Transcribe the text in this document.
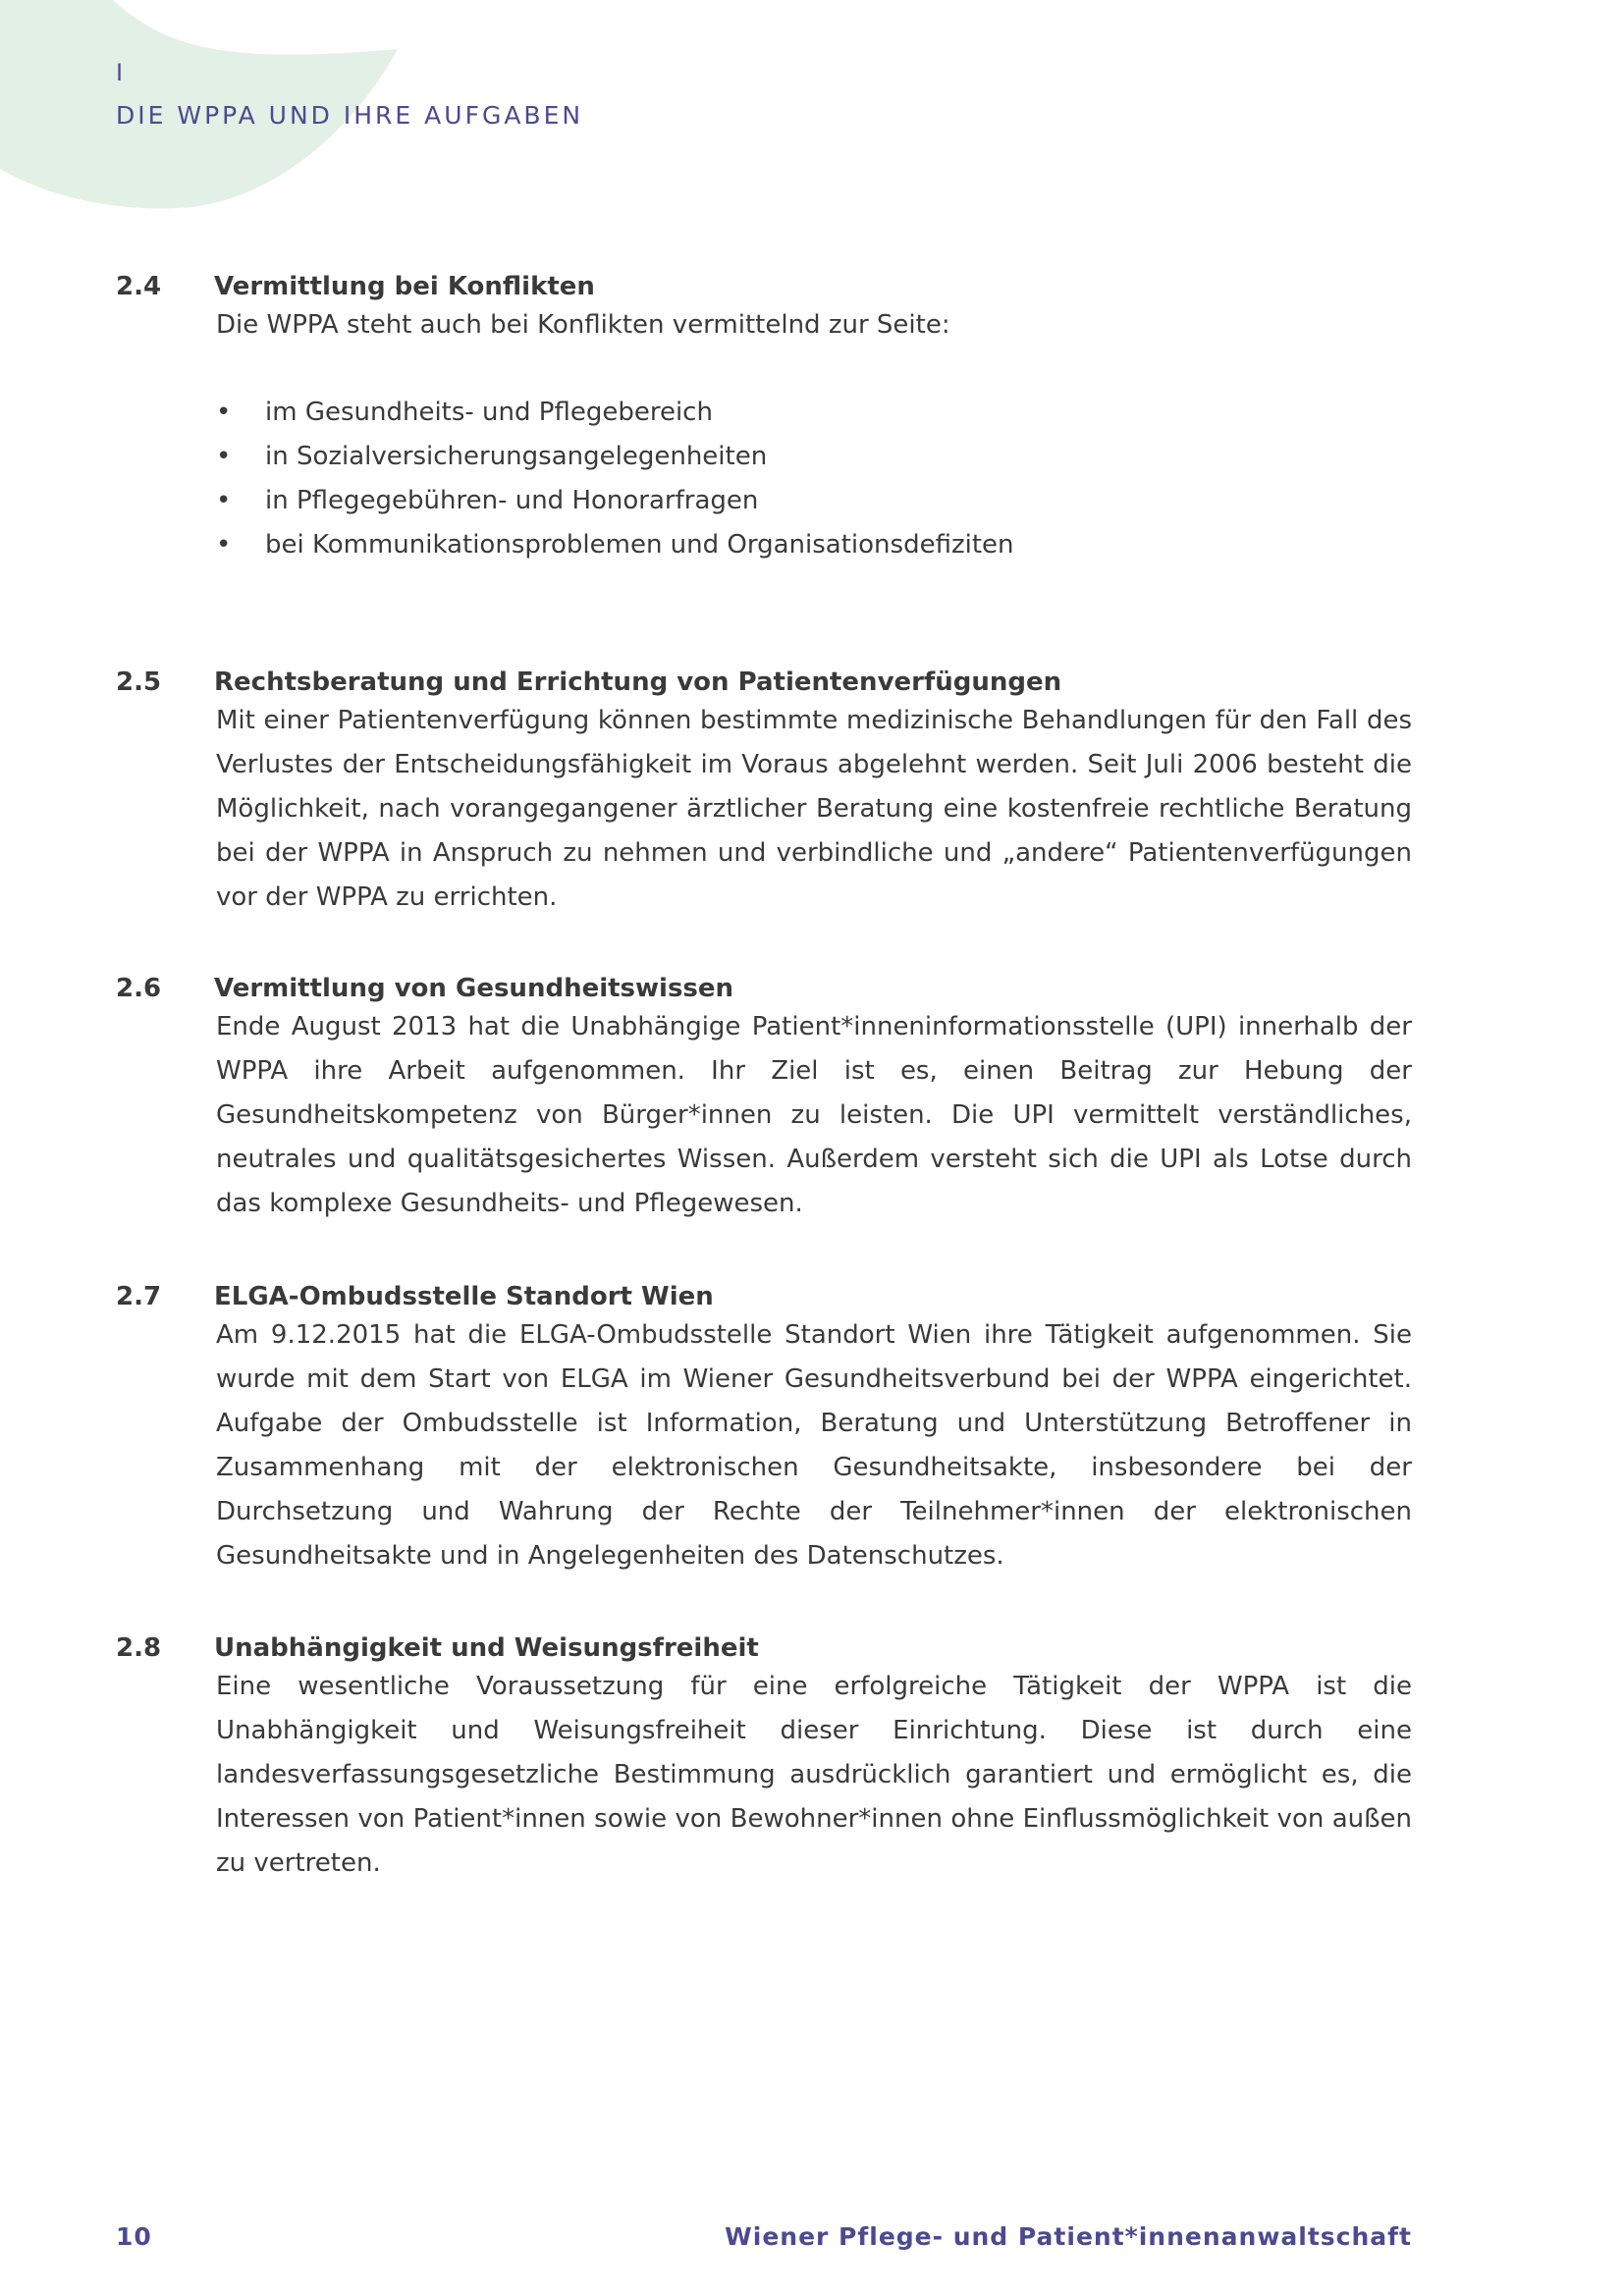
I
DIE WPPA UND IHRE AUFGABEN
2.4	Vermittlung bei Konflikten

Die WPPA steht auch bei Konflikten vermittelnd zur Seite:

•	im Gesundheits- und Pflegebereich
•	in Sozialversicherungsangelegenheiten
•	in Pflegegebühren- und Honorarfragen
•	bei Kommunikationsproblemen und Organisationsdefiziten
2.5	Rechtsberatung und Errichtung von Patientenverfügungen

Mit einer Patientenverfügung können bestimmte medizinische Behandlungen für den Fall des Verlustes der Entscheidungsfähigkeit im Voraus abgelehnt werden. Seit Juli 2006 besteht die Möglichkeit, nach vorangegangener ärztlicher Beratung eine kostenfreie rechtliche Beratung bei der WPPA in Anspruch zu nehmen und verbindliche und „andere“ Patientenverfügungen vor der WPPA zu errichten.

2.6	Vermittlung von Gesundheitswissen

Ende August 2013 hat die Unabhängige Patient*inneninformationsstelle (UPI) innerhalb der WPPA ihre Arbeit aufgenommen. Ihr Ziel ist es, einen Beitrag zur Hebung der Gesundheitskompetenz von Bürger*innen zu leisten. Die UPI vermittelt verständliches, neutrales und qualitätsgesichertes Wissen. Außerdem versteht sich die UPI als Lotse durch das komplexe Gesundheits- und Pflegewesen.

2.7	ELGA-Ombudsstelle Standort Wien

Am 9.12.2015 hat die ELGA-Ombudsstelle Standort Wien ihre Tätigkeit aufgenommen. Sie wurde mit dem Start von ELGA im Wiener Gesundheitsverbund bei der WPPA eingerichtet. Aufgabe der Ombudsstelle ist Information, Beratung und Unterstützung Betroffener in Zusammenhang mit der elektronischen Gesundheitsakte, insbesondere bei der Durchsetzung und Wahrung der Rechte der Teilnehmer*innen der elektronischen Gesundheitsakte und in Angelegenheiten des Datenschutzes.

2.8	Unabhängigkeit und Weisungsfreiheit

Eine wesentliche Voraussetzung für eine erfolgreiche Tätigkeit der WPPA ist die Unabhängigkeit und Weisungsfreiheit dieser Einrichtung. Diese ist durch eine landesverfassungsgesetzliche Bestimmung ausdrücklich garantiert und ermöglicht es, die Interessen von Patient*innen sowie von Bewohner*innen ohne Einflussmöglichkeit von außen zu vertreten.

10	Wiener Pflege- und Patient*innenanwaltschaft
